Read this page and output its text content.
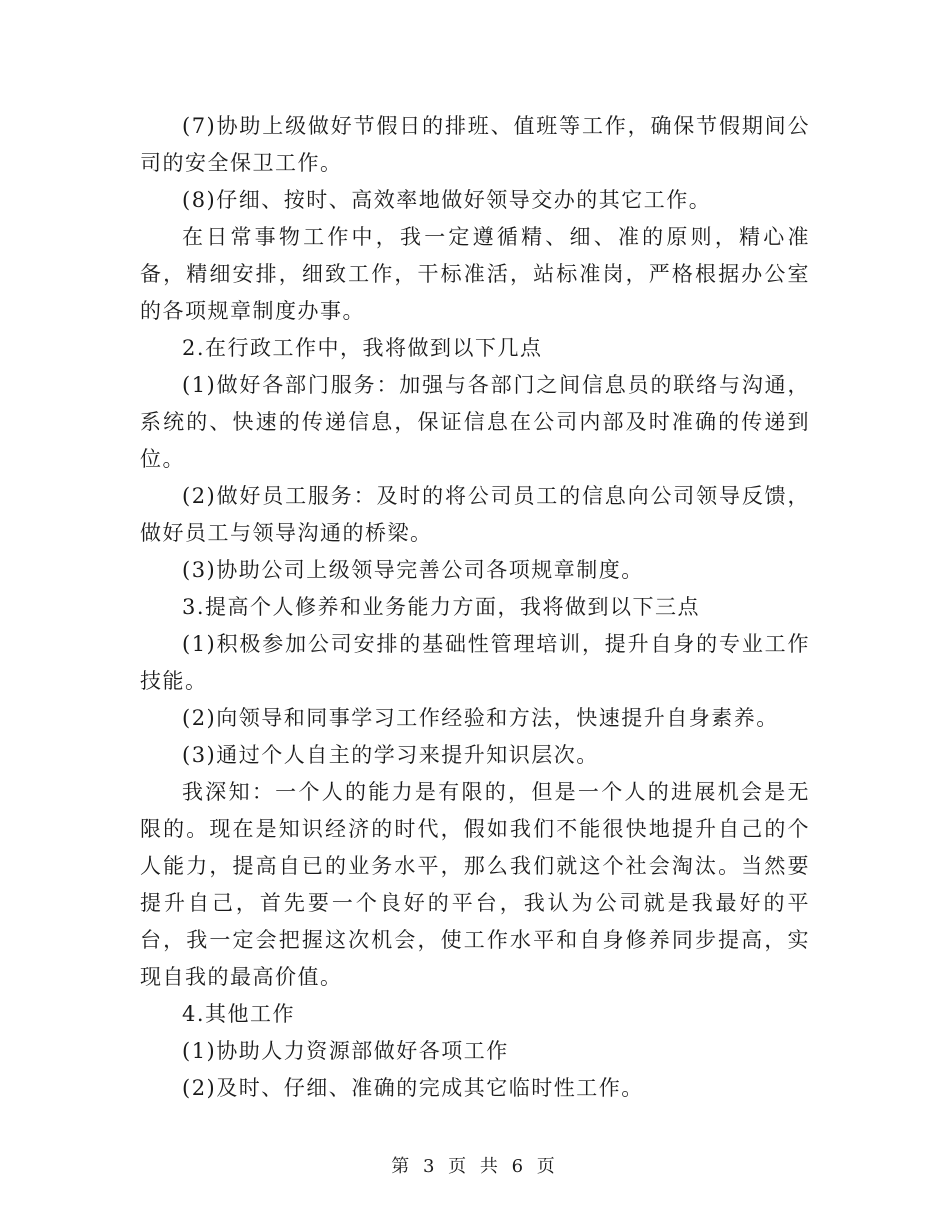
(7)协助上级做好节假日的排班、值班等工作，确保节假期间公司的安全保卫工作。

(8)仔细、按时、高效率地做好领导交办的其它工作。

在日常事物工作中，我一定遵循精、细、准的原则，精心准备，精细安排，细致工作，干标准活，站标准岗，严格根据办公室的各项规章制度办事。

2.在行政工作中，我将做到以下几点

(1)做好各部门服务：加强与各部门之间信息员的联络与沟通，系统的、快速的传递信息，保证信息在公司内部及时准确的传递到位。

(2)做好员工服务：及时的将公司员工的信息向公司领导反馈，做好员工与领导沟通的桥梁。

(3)协助公司上级领导完善公司各项规章制度。

3.提高个人修养和业务能力方面，我将做到以下三点

(1)积极参加公司安排的基础性管理培训，提升自身的专业工作技能。

(2)向领导和同事学习工作经验和方法，快速提升自身素养。

(3)通过个人自主的学习来提升知识层次。

我深知：一个人的能力是有限的，但是一个人的进展机会是无限的。现在是知识经济的时代，假如我们不能很快地提升自己的个人能力，提高自已的业务水平，那么我们就这个社会淘汰。当然要提升自己，首先要一个良好的平台，我认为公司就是我最好的平台，我一定会把握这次机会，使工作水平和自身修养同步提高，实现自我的最高价值。

4.其他工作

(1)协助人力资源部做好各项工作

(2)及时、仔细、准确的完成其它临时性工作。

第 3 页 共 6 页
